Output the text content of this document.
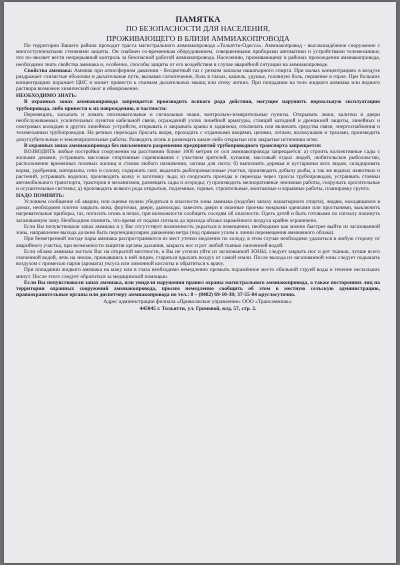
ПАМЯТКА
ПО БЕЗОПАСНОСТИ ДЛЯ НАСЕЛЕНИЯ,
ПРОЖИВАЮЩЕГО В БЛИЗИ АММИАКОПРОВОДА

По территории Вашего района проходит трасса магистрального аммиакопровода «Тольятти-Одесса». Аммиакопровод - высоконадёжное сооружение с многоступенчатыми степенями защиты. Он снабжен со-временным оборудованием, совершенными приборами автоматики и устройствами телемеханики, что по-зволяет вести непрерывный контроль за безопасной работой аммиакопровода. Населению, проживающему в районах прохождения аммиакопровода, необходимо знать свойства аммиака и, особенно, способы защиты от его воздействия в случае аварийной ситуации на аммиакопроводе.

Свойства аммиака: Аммиак при атмосферном давлении - бесцветный газ с резким запахом нашатырного спирта. При малых концентрациях в воздухе раздражает слизистые оболочки и дыхательные пути, вызывая слезотечение, боль в глазах, кашель, удушье, головную боль, першение в горле. При больших концентрациях поражает ЦНС и может привести к спазмам дыхательных мышц или отеку легких. При попадании на тело жидкого аммиака или водного раствора возможен химический ожог и обморожение.

НЕОБХОДИМО ЗНАТЬ:

В охранных зонах аммиакопровода запрещается производить всякого рода действия, могущие нарушить нормальную эксплуатацию трубопровода, либо привести к их повреждению, в частности:

Перемещать, засыпать и ломать опознавательные и сигнальные знаки, контрольно-измерительные пункты. Открывать люки, калитки и двери необслуживаемых усилительных пунктов кабельной связи, ограждений узлов линейной арматуры, станций катодной и дренажной защиты, линейных и смотровых колодцев и других линейных устройств, открывать и закрывать краны и задвижки, отключать или включать средства связи, энергоснабжения и телемеханики трубопроводов. На речных переходах бросать якоря, проходить с отданными якорями, цепями, лотами, волокушами и тралами, производить дноуглубительные и землечерпательные работы. Разводить огонь и размещать какие-либо открытые или закрытые источники огня.

В охранных зонах аммиакопровода без письменного разрешения предприятий трубопроводного транспорта запрещается:

ВОЗВОДИТЬ любые постройки сооружения на расстоянии ближе 1000 метров от оси аммиакопровода запрещается: а) строить коллективные сады с жилыми домами, устраивать массовые спортивные соревнования с участием зрителей, купания, массовый отдых людей, любительское рыболовство, расположение временных полевых жилищ и станов любого назначения, загоны для скота; б) выполнять деревья и кустарники всех видов, складировать корма, удобрения, материалы, сено и солому, содержать скот, выделять рыбопромысловые участки, производить добычу рыбы, а так же водных животных и растений, устраивать водопои, производить колку и заготовку льда; в) сооружать проезды и переезды через трассы трубопроводов, устраивать стоянки автомобильного транспорта, тракторов и механизмов, размещать сады и огороды; г) производить мелиоративные земляные работы, сооружать оросительные и осушительные системы; д) производить всякого рода открытые, подземные, горные, строительные, монтажные и взрывные работы, планировку грунта.

НАДО ПОМНИТЬ:

Условием сообщение об аварии, или оценке нужно убедиться в опасности зоны аммиака (подобен запаху нашатырного спирта), людям, находящимся в домах, необходимо плотно закрыть окна, форточки, двери, дымоходы, завесить двери и оконные проемы мокрыми одеялами или простынями, выключить нагревательные приборы, газ, погасить огонь в печах, при возможности сообщить соседям об опасности. Одеть детей и быть готовыми по сигналу покинуть загазованную зону. Необходимо помнить, что время от подачи сигнала до прихода облака заражённого воздуха крайне ограничено.

Если Вы почувствовали запах аммиака и у Вас отсутствует возможность укрыться в помещении, необходимо как можно быстрее выйти из загазованной зоны, направление выхода должно быть перпендикулярно движению ветра (под прямым углом к линии перемещения аммиачного облака).

При безветренной погоде пары аммиака распространяются из мест утечки медленно по холоду, в этом случае необходимо удалиться в любую сторону от аварийного участка, при возможности защитив органы дыхания, закрыть нос и рот любой тканью смоченной водой.

Если облако аммиака застало Вас на открытой местности, и Вы не успели уйти из загазованной ЗОНЫ, следует закрыть нос и рот тканью, лучше всего смоченной водой, лечь на землю, прижавшись к ней лицом, стараться вдыхать воздух от самой земли. После выхода из загазованной зоны следует подышать воздухом с примесью паров (аромата) уксуса или лимонной кислоты и обратиться к врачу.

При попадании жидкого аммиака на кожу или в глаза необходимо немедленно промыть поражённое место обильной струей воды в течение нескольких минут. После этого следует обратиться за медицинской помощью.

Если Вы почувствовали запах аммиака, или увидели нарушения правил охраны магистрального аммиакопровода, а также посторонних лиц на территории охранных сооружений аммиакопровода, просим немедленно сообщить об этом в местную сельскую администрацию, правоохранительные органы или диспетчеру аммиакопровода по тел.: 8 – (8482) 69-10-38; 37-55-84 круглосуточно.

Адрес администрации филиала «Приволжское управление» ООО «Трансаммиак»:

445045 г. Тольятти, ул. Громовой, влд. 57, стр. 2.
